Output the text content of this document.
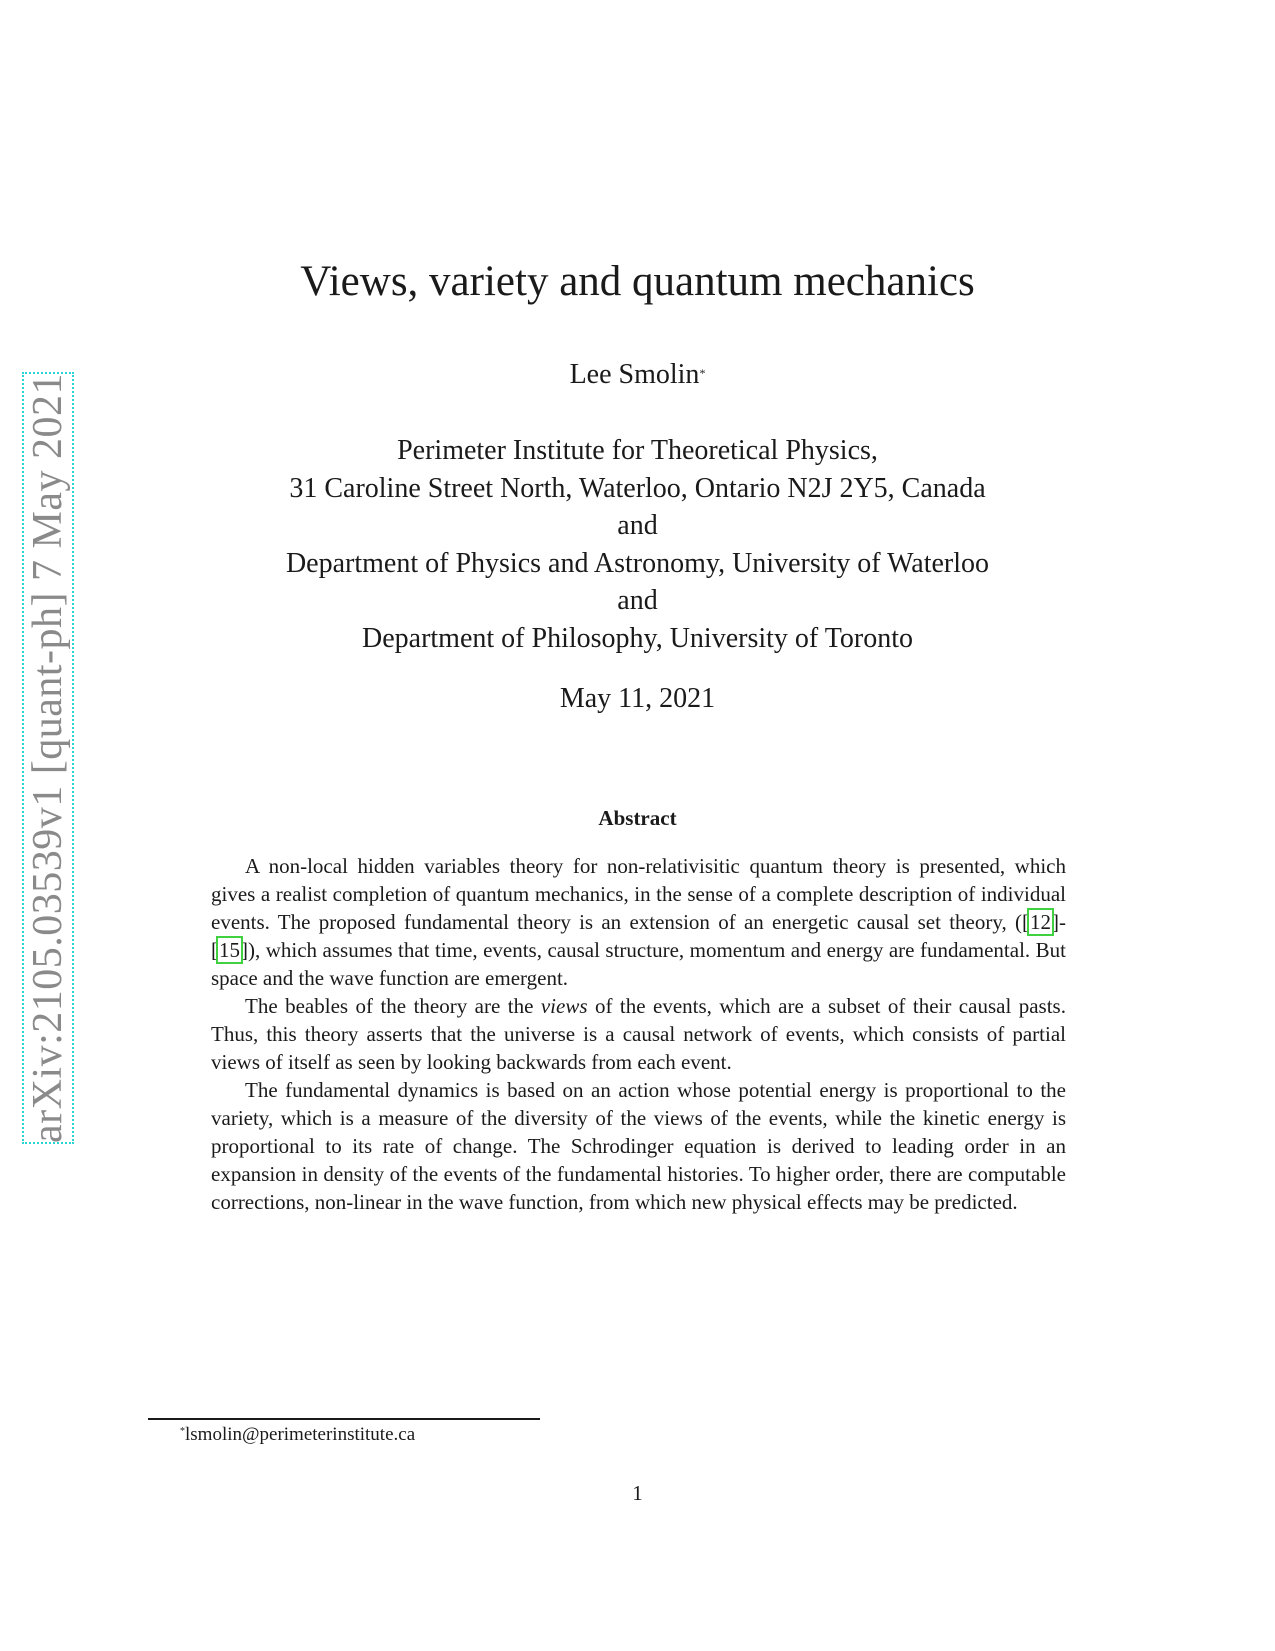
arXiv:2105.03539v1 [quant-ph] 7 May 2021
Views, variety and quantum mechanics
Lee Smolin*
Perimeter Institute for Theoretical Physics,
31 Caroline Street North, Waterloo, Ontario N2J 2Y5, Canada
and
Department of Physics and Astronomy, University of Waterloo
and
Department of Philosophy, University of Toronto
May 11, 2021
Abstract

A non-local hidden variables theory for non-relativisitic quantum theory is presented, which gives a realist completion of quantum mechanics, in the sense of a complete description of individual events. The proposed fundamental theory is an extension of an energetic causal set theory, ([12]- [15]), which assumes that time, events, causal structure, momentum and energy are fundamental. But space and the wave function are emergent.

The beables of the theory are the views of the events, which are a subset of their causal pasts. Thus, this theory asserts that the universe is a causal network of events, which consists of partial views of itself as seen by looking backwards from each event.

The fundamental dynamics is based on an action whose potential energy is proportional to the variety, which is a measure of the diversity of the views of the events, while the kinetic energy is proportional to its rate of change. The Schrodinger equation is derived to leading order in an expansion in density of the events of the fundamental histories. To higher order, there are computable corrections, non-linear in the wave function, from which new physical effects may be predicted.

*lsmolin@perimeterinstitute.ca
1
